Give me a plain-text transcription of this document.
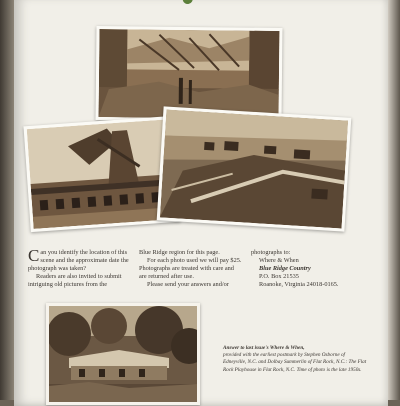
Can you identify the location of this scene and the approximate date the photograph was taken?

Readers are also invited to submit intriguing old pictures from the

Blue Ridge region for this page.

For each photo used we will pay $25. Photographs are treated with care and are returned after use.

Please send your answers and/or

photographs to:

Where & When
Blue Ridge Country
P.O. Box 21535
Roanoke, Virginia 24018-0165.
Answer to last issue's Where & When,
provided with the earliest postmark by Stephen Osborne of Edneyville, N.C. and Dolbay Summerlin of Flat Rock, N.C.: The Flat Rock Playhouse in Flat Rock, N.C. Time of photo is the late 1950s.
